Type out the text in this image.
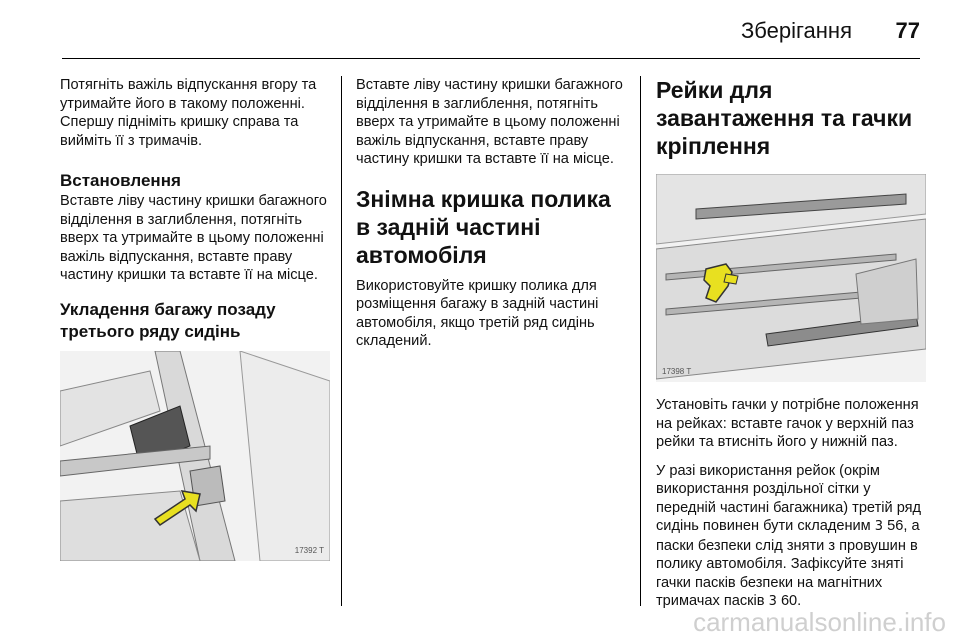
Зберігання 77

Потягніть важіль відпускання вгору та утримайте його в такому положенні. Спершу підніміть кришку справа та вийміть її з тримачів.

Встановлення

Вставте ліву частину кришки багажного відділення в заглиблення, потягніть вверх та утримайте в цьому положенні важіль відпускання, вставте праву частину кришки та вставте її на місце.

Укладення багажу позаду третього ряду сидінь
17392 T

Вставте ліву частину кришки багажного відділення в заглиблення, потягніть вверх та утримайте в цьому положенні важіль відпускання, вставте праву частину кришки та вставте її на місце.

Знімна кришка полика в задній частині автомобіля

Використовуйте кришку полика для розміщення багажу в задній частині автомобіля, якщо третій ряд сидінь складений.

Рейки для завантаження та гачки кріплення
17398 T

Установіть гачки у потрібне положення на рейках: вставте гачок у верхній паз рейки та втисніть його у нижній паз.

У разі використання рейок (окрім використання роздільної сітки у передній частині багажника) третій ряд сидінь повинен бути складеним 3 56, а паски безпеки слід зняти з провушин в полику автомобіля. Зафіксуйте зняті гачки пасків безпеки на магнітних тримачах пасків 3 60.

carmanualsonline.info
